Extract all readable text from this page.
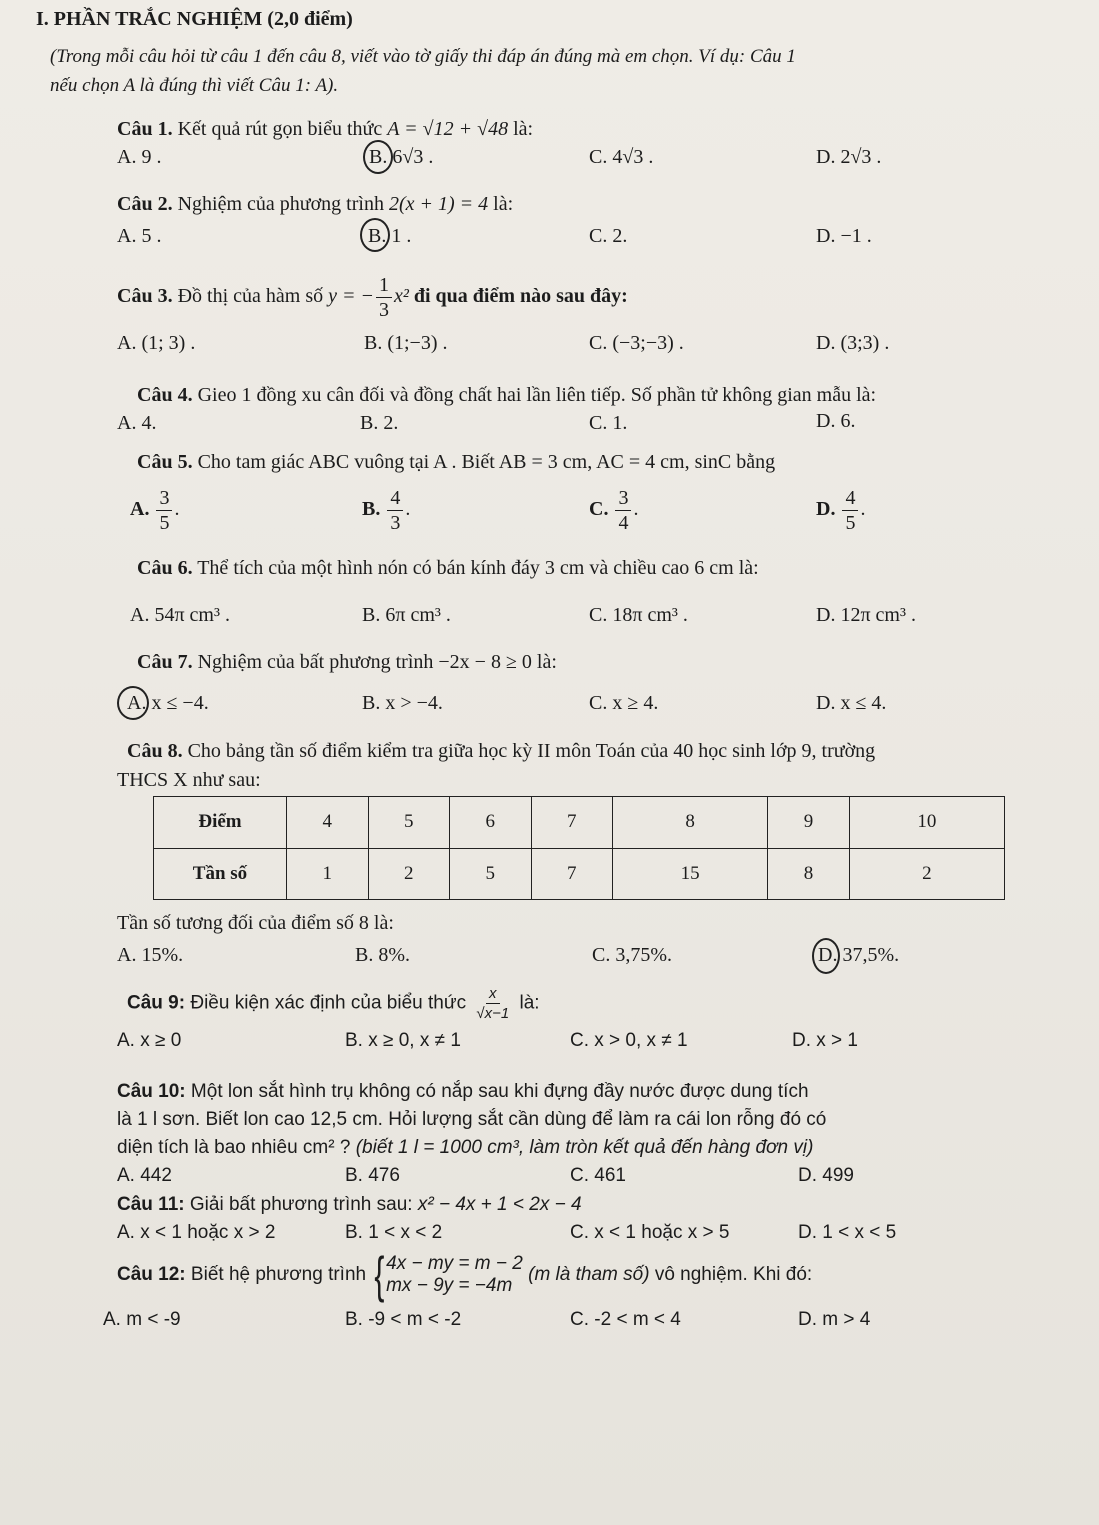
I. PHẦN TRẮC NGHIỆM (2,0 điểm)
(Trong mỗi câu hỏi từ câu 1 đến câu 8, viết vào tờ giấy thi đáp án đúng mà em chọn. Ví dụ: Câu 1
nếu chọn A là đúng thì viết Câu 1: A).
Câu 1. Kết quả rút gọn biểu thức A = √12 + √48 là:
A. 9 .	B. 6√3 .	C. 4√3 .	D. 2√3 .
Câu 2. Nghiệm của phương trình 2(x + 1) = 4 là:
A. 5 .	B. 1 .	C. 2.	D. −1 .
Câu 3. Đồ thị của hàm số y = − $\frac{1}{3} x^2$ đi qua điểm nào sau đây:
A. (1; 3) .	B. (1;−3) .	C. (−3;−3) .	D. (3;3) .
Câu 4. Gieo 1 đồng xu cân đối và đồng chất hai lần liên tiếp. Số phần tử không gian mẫu là:
A. 4.	B. 2.	C. 1.	D. 6.
Câu 5. Cho tam giác ABC vuông tại A . Biết AB = 3 cm, AC = 4 cm, sinC bằng
A. $\frac{3}{5}$ .	B. $\frac{4}{3}$ .	C. $\frac{3}{4}$ .	D. $\frac{4}{5}$ .
Câu 6. Thể tích của một hình nón có bán kính đáy 3 cm và chiều cao 6 cm là:
A. 54π cm³ .	B. 6π cm³ .	C. 18π cm³ .	D. 12π cm³ .
Câu 7. Nghiệm của bất phương trình −2x − 8 ≥ 0 là:
A. x ≤ −4.	B. x > −4.	C. x ≥ 4.	D. x ≤ 4.
Câu 8. Cho bảng tần số điểm kiểm tra giữa học kỳ II môn Toán của 40 học sinh lớp 9, trường
THCS X như sau:
Điểm	4	5	6	7	8	9	10
Tần số	1	2	5	7	15	8	2
Tần số tương đối của điểm số 8 là:
A. 15%.	B. 8%.	C. 3,75%.	D. 37,5%.
Câu 9: Điều kiện xác định của biểu thức $\frac{x}{√x-1}$ là:
A. x ≥ 0	B. x ≥ 0, x ≠ 1	C. x > 0, x ≠ 1	D. x > 1
Câu 10: Một lon sắt hình trụ không có nắp sau khi đựng đầy nước được dung tích
là 1 l sơn. Biết lon cao 12,5 cm. Hỏi lượng sắt cần dùng để làm ra cái lon rỗng đó có
diện tích là bao nhiêu cm² ? (biết 1 l = 1000 cm³, làm tròn kết quả đến hàng đơn vị)
A. 442	B. 476	C. 461	D. 499
Câu 11: Giải bất phương trình sau: x² − 4x + 1 < 2x − 4
A. x < 1 hoặc x > 2	B. 1 < x < 2	C. x < 1 hoặc x > 5	D. 1 < x < 5
Câu 12: Biết hệ phương trình { 4x − my = m − 2
mx − 9y = −4m
(m là tham số) vô nghiệm. Khi đó:
A. m < -9	B. -9 < m < -2	C. -2 < m < 4	D. m > 4
